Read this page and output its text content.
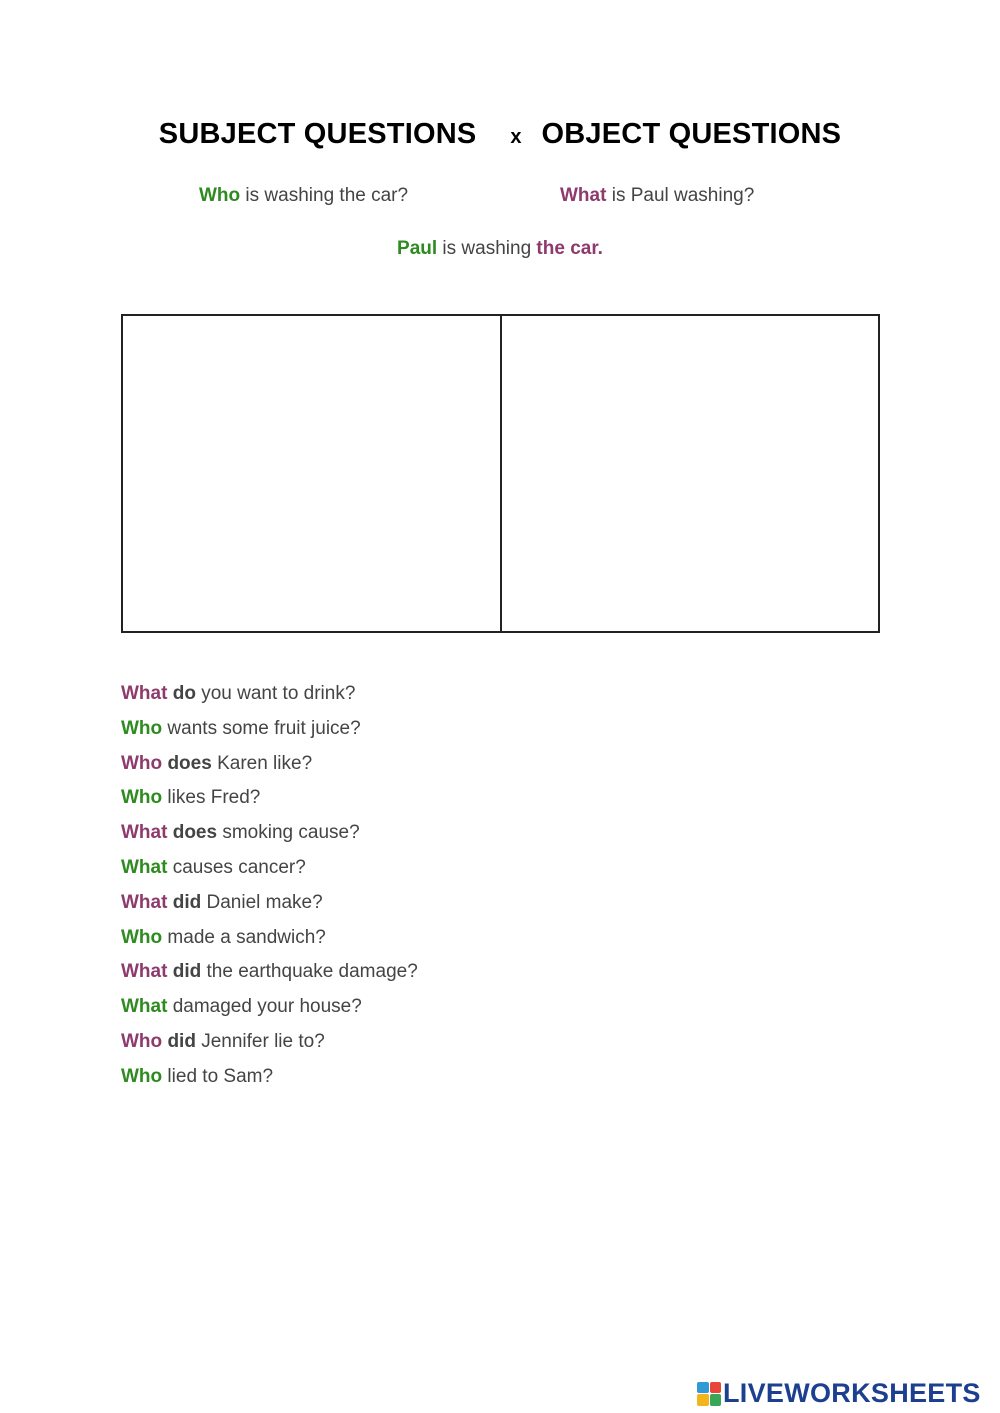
SUBJECT QUESTIONS x OBJECT QUESTIONS
Who is washing the car?	What is Paul washing?
Paul is washing the car.
What do you want to drink?
Who wants some fruit juice?
Who does Karen like?
Who likes Fred?
What does smoking cause?
What causes cancer?
What did Daniel make?
Who made a sandwich?
What did the earthquake damage?
What damaged your house?
Who did Jennifer lie to?
Who lied to Sam?
LIVEWORKSHEETS
